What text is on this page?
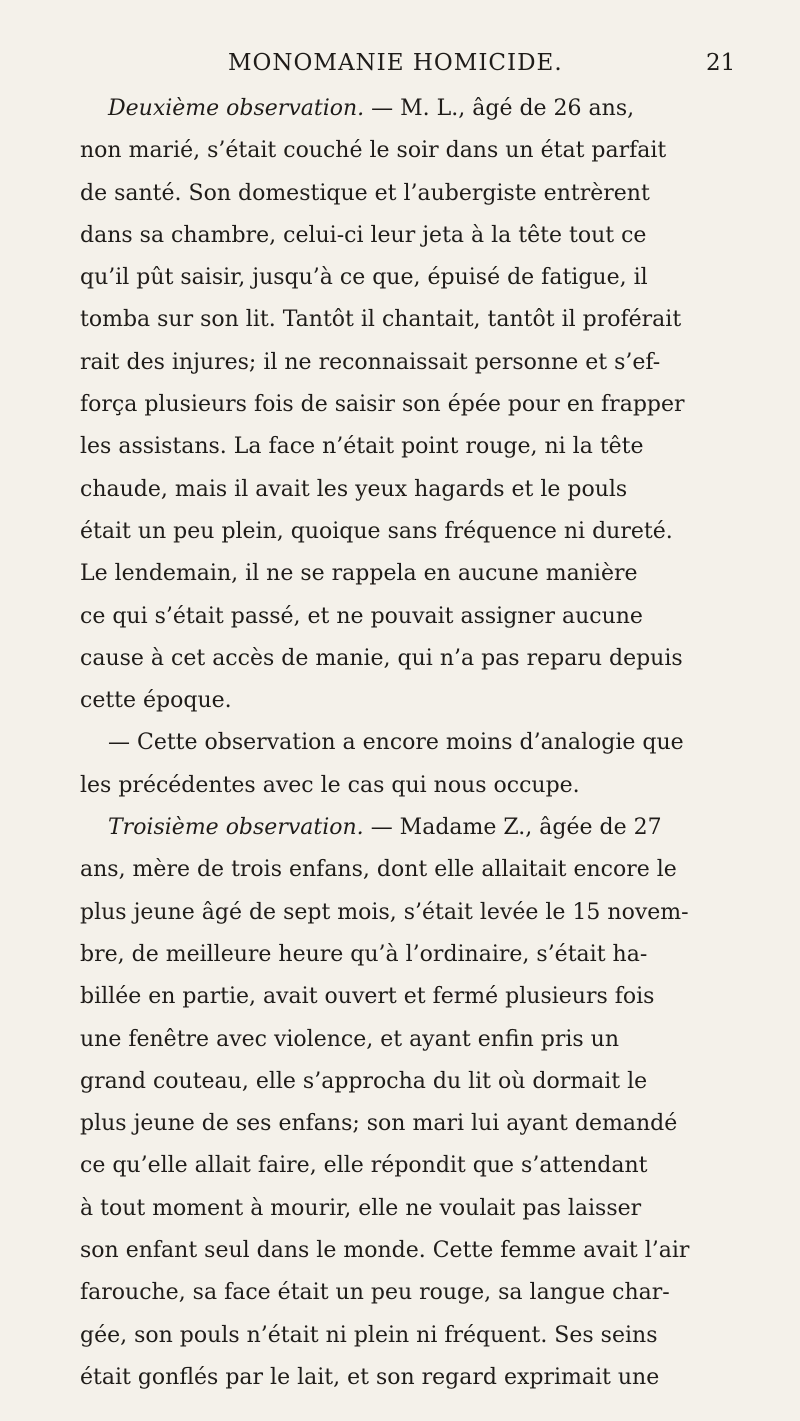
MONOMANIE HOMICIDE.	21
Deuxième observation. — M. L., âgé de 26 ans,
non marié, s’était couché le soir dans un état parfait
de santé. Son domestique et l’aubergiste entrèrent
dans sa chambre, celui-ci leur jeta à la tête tout ce
qu’il pût saisir, jusqu’à ce que, épuisé de fatigue, il
tomba sur son lit. Tantôt il chantait, tantôt il proférait
rait des injures; il ne reconnaissait personne et s’ef-
força plusieurs fois de saisir son épée pour en frapper
les assistans. La face n’était point rouge, ni la tête
chaude, mais il avait les yeux hagards et le pouls
était un peu plein, quoique sans fréquence ni dureté.
Le lendemain, il ne se rappela en aucune manière
ce qui s’était passé, et ne pouvait assigner aucune
cause à cet accès de manie, qui n’a pas reparu depuis
cette époque.
— Cette observation a encore moins d’analogie que
les précédentes avec le cas qui nous occupe.
Troisième observation. — Madame Z., âgée de 27
ans, mère de trois enfans, dont elle allaitait encore le
plus jeune âgé de sept mois, s’était levée le 15 novem-
bre, de meilleure heure qu’à l’ordinaire, s’était ha-
billée en partie, avait ouvert et fermé plusieurs fois
une fenêtre avec violence, et ayant enfin pris un
grand couteau, elle s’approcha du lit où dormait le
plus jeune de ses enfans; son mari lui ayant demandé
ce qu’elle allait faire, elle répondit que s’attendant
à tout moment à mourir, elle ne voulait pas laisser
son enfant seul dans le monde. Cette femme avait l’air
farouche, sa face était un peu rouge, sa langue char-
gée, son pouls n’était ni plein ni fréquent. Ses seins
était gonflés par le lait, et son regard exprimait une
